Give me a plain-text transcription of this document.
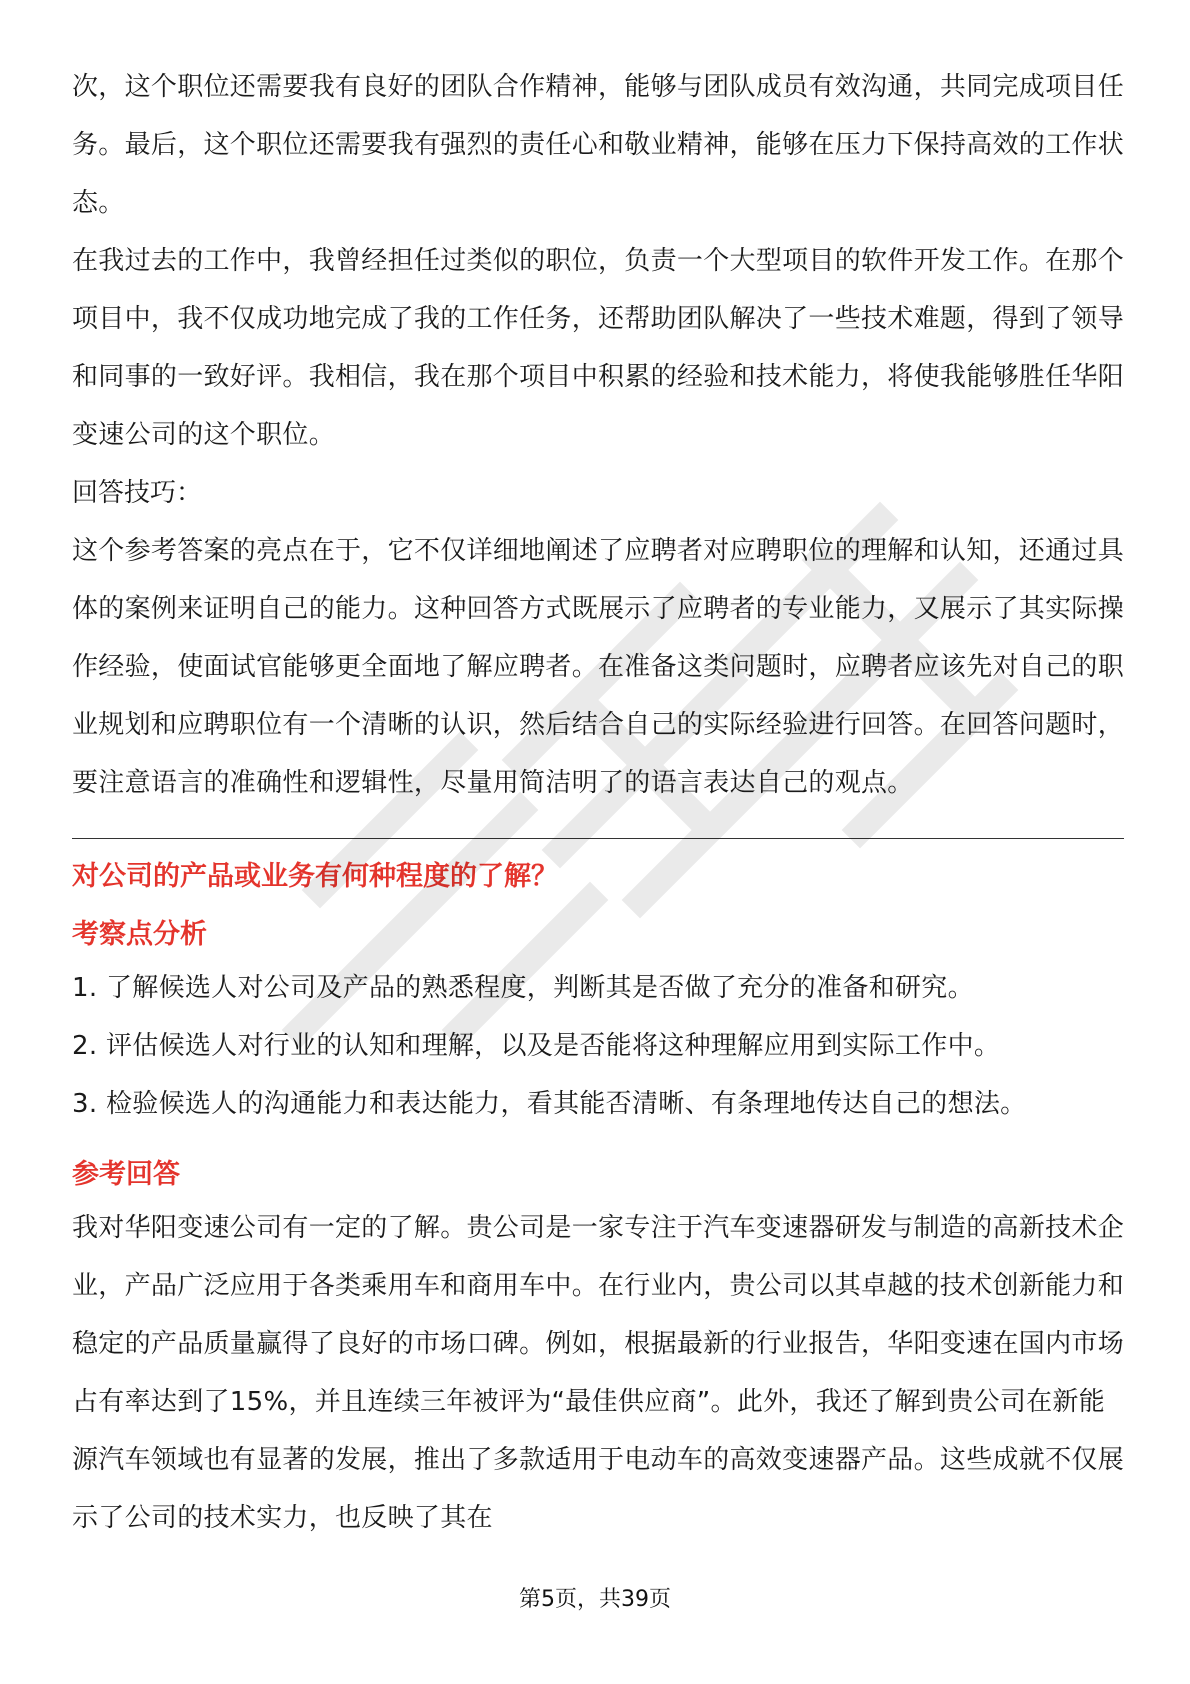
次，这个职位还需要我有良好的团队合作精神，能够与团队成员有效沟通，共同完成项目任务。最后，这个职位还需要我有强烈的责任心和敬业精神，能够在压力下保持高效的工作状态。

在我过去的工作中，我曾经担任过类似的职位，负责一个大型项目的软件开发工作。在那个项目中，我不仅成功地完成了我的工作任务，还帮助团队解决了一些技术难题，得到了领导和同事的一致好评。我相信，我在那个项目中积累的经验和技术能力，将使我能够胜任华阳变速公司的这个职位。

回答技巧：

这个参考答案的亮点在于，它不仅详细地阐述了应聘者对应聘职位的理解和认知，还通过具体的案例来证明自己的能力。这种回答方式既展示了应聘者的专业能力，又展示了其实际操作经验，使面试官能够更全面地了解应聘者。在准备这类问题时，应聘者应该先对自己的职业规划和应聘职位有一个清晰的认识，然后结合自己的实际经验进行回答。在回答问题时，要注意语言的准确性和逻辑性，尽量用简洁明了的语言表达自己的观点。

对公司的产品或业务有何种程度的了解？

考察点分析

1. 了解候选人对公司及产品的熟悉程度，判断其是否做了充分的准备和研究。
2. 评估候选人对行业的认知和理解，以及是否能将这种理解应用到实际工作中。
3. 检验候选人的沟通能力和表达能力，看其能否清晰、有条理地传达自己的想法。

参考回答

我对华阳变速公司有一定的了解。贵公司是一家专注于汽车变速器研发与制造的高新技术企业，产品广泛应用于各类乘用车和商用车中。在行业内，贵公司以其卓越的技术创新能力和稳定的产品质量赢得了良好的市场口碑。例如，根据最新的行业报告，华阳变速在国内市场占有率达到了15%，并且连续三年被评为“最佳供应商”。此外，我还了解到贵公司在新能源汽车领域也有显著的发展，推出了多款适用于电动车的高效变速器产品。这些成就不仅展示了公司的技术实力，也反映了其在

第5页，共39页
